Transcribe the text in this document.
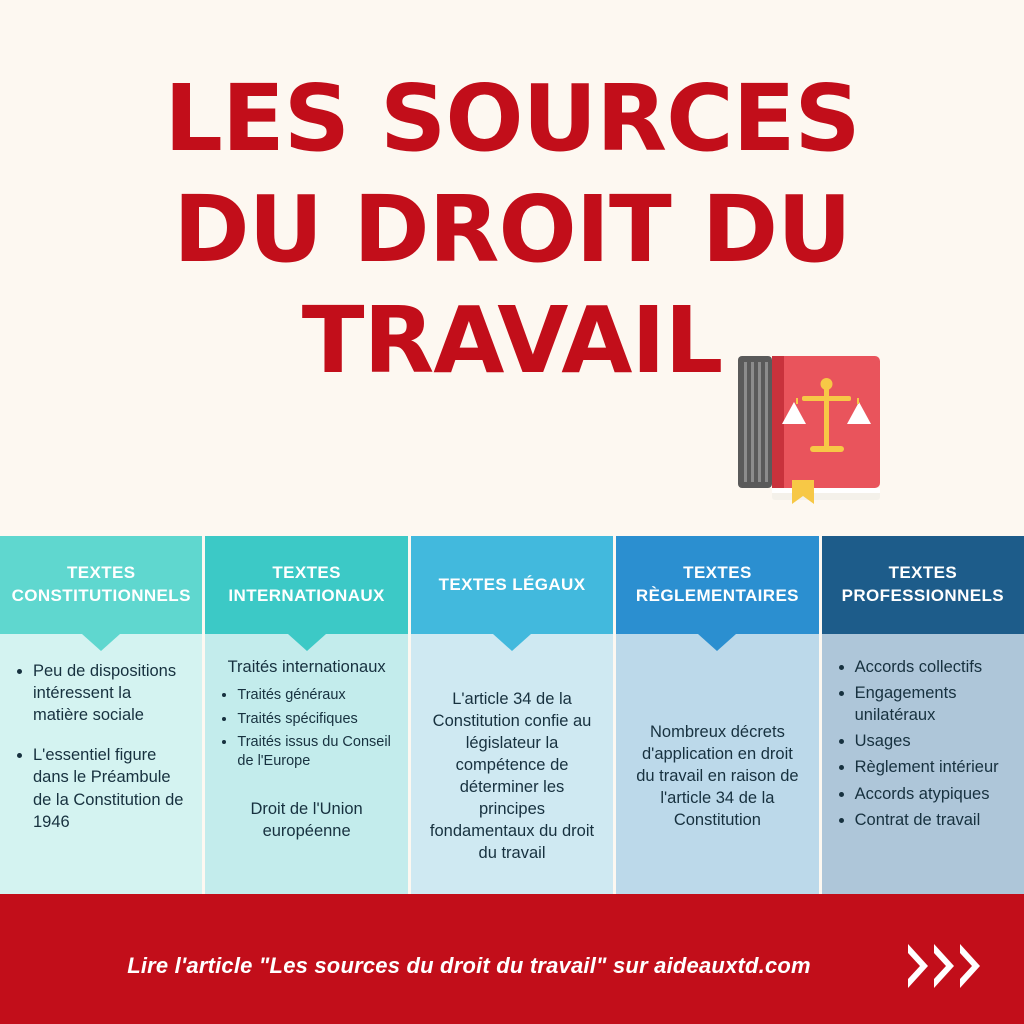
LES SOURCES
DU DROIT DU
TRAVAIL
TEXTES CONSTITUTIONNELS
• Peu de dispositions intéressent la matière sociale
• L'essentiel figure dans le Préambule de la Constitution de 1946
TEXTES INTERNATIONAUX
Traités internationaux
• Traités généraux
• Traités spécifiques
• Traités issus du Conseil de l'Europe
Droit de l'Union européenne
TEXTES LÉGAUX
L'article 34 de la Constitution confie au législateur la compétence de déterminer les principes fondamentaux du droit du travail
TEXTES RÈGLEMENTAIRES
Nombreux décrets d'application en droit du travail en raison de l'article 34 de la Constitution
TEXTES PROFESSIONNELS
• Accords collectifs
• Engagements unilatéraux
• Usages
• Règlement intérieur
• Accords atypiques
• Contrat de travail
Lire l'article "Les sources du droit du travail" sur aideauxtd.com
